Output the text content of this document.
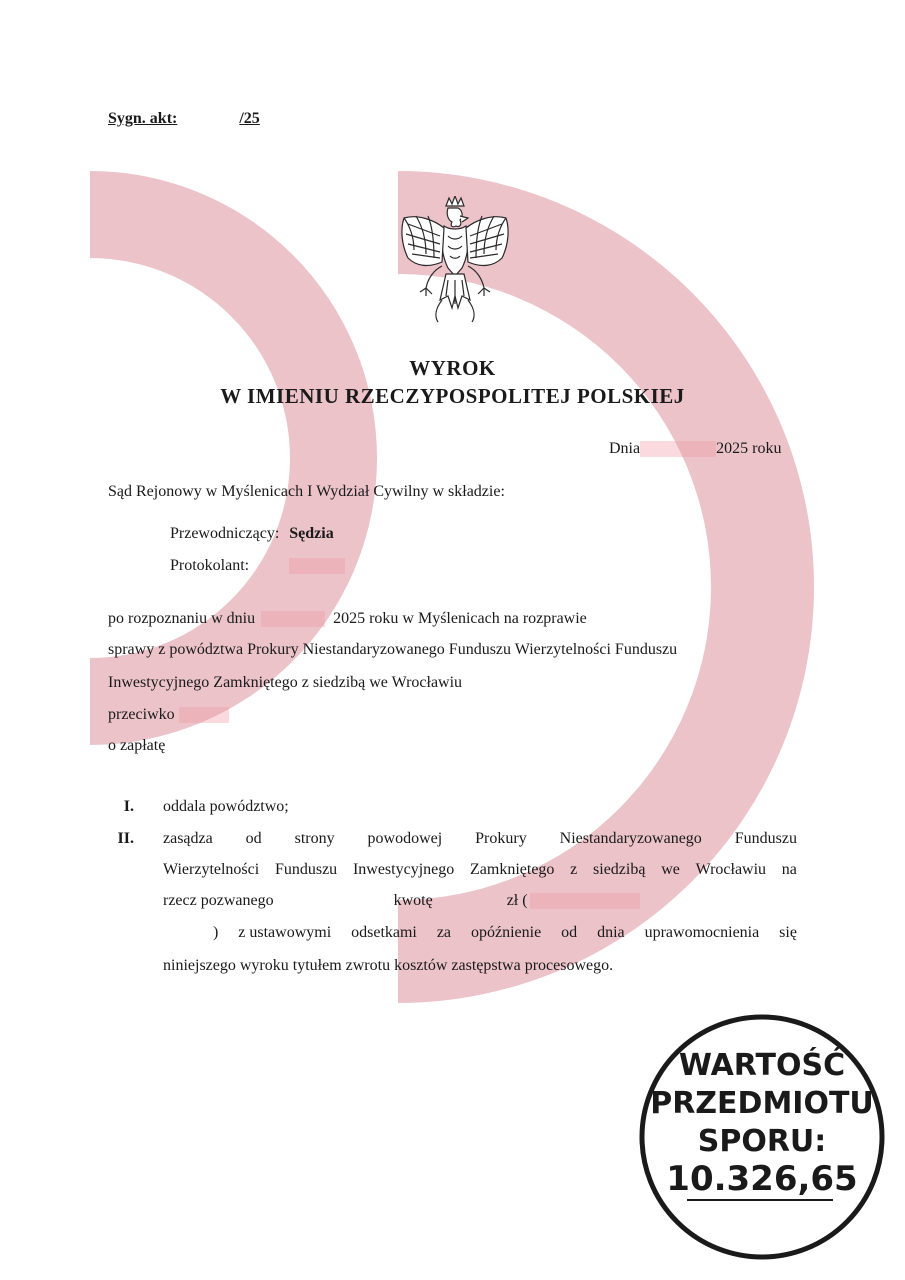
Sygn. akt:	/25
WYROK
W IMIENIU RZECZYPOSPOLITEJ POLSKIEJ
Dnia	2025 roku
Sąd Rejonowy w Myślenicach I Wydział Cywilny w składzie:
Przewodniczący: Sędzia
Protokolant:
po rozpoznaniu w dniu	2025 roku w Myślenicach na rozprawie
sprawy z powództwa Prokury Niestandaryzowanego Funduszu Wierzytelności Funduszu
Inwestycyjnego Zamkniętego z siedzibą we Wrocławiu
przeciwko
o zapłatę
I. oddala powództwo;
II. zasądza od strony powodowej Prokury Niestandaryzowanego Funduszu
Wierzytelności Funduszu Inwestycyjnego Zamkniętego z siedzibą we Wrocławiu na
rzecz pozwanego	kwotę	zł (
) z ustawowymi odsetkami za opóźnienie od dnia uprawomocnienia się
niniejszego wyroku tytułem zwrotu kosztów zastępstwa procesowego.
WARTOŚĆ
PRZEDMIOTU
SPORU:
10.326,65
